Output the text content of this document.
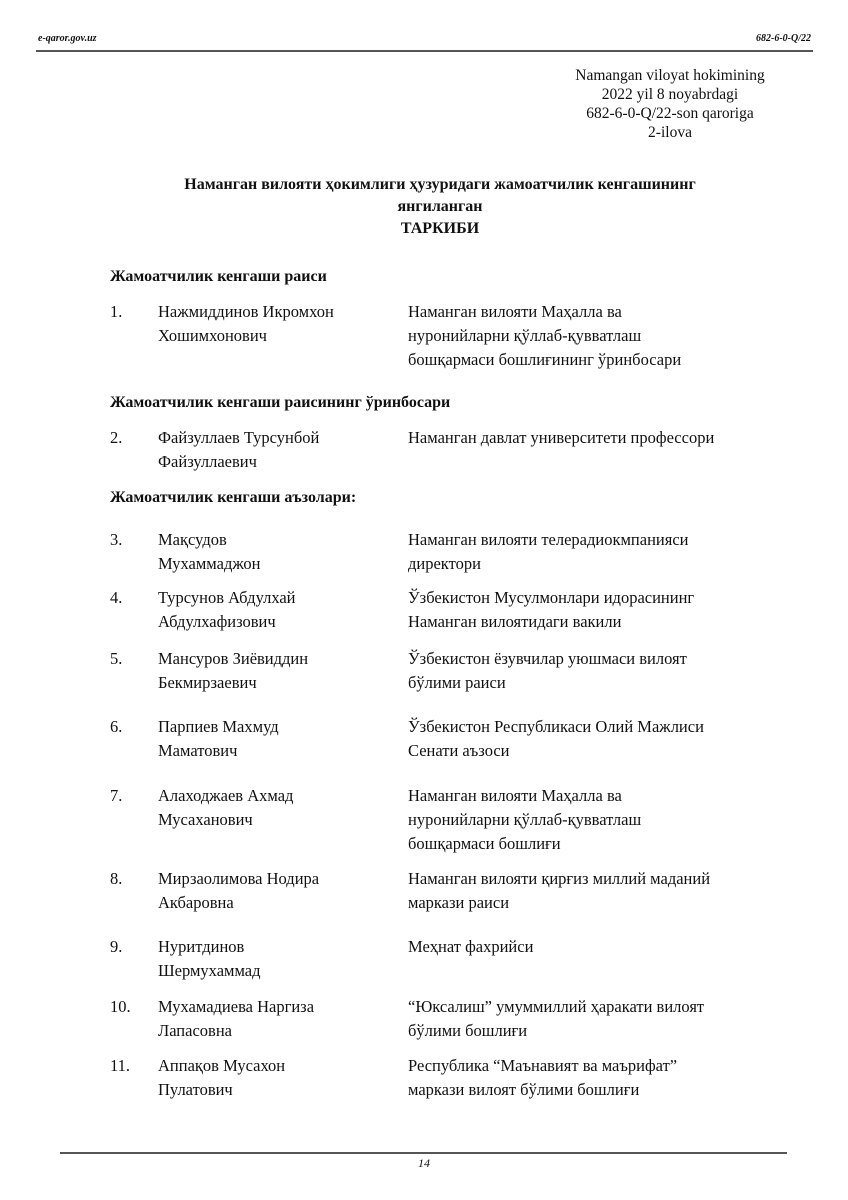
e-qaror.gov.uz	682-6-0-Q/22
Namangan viloyat hokimining
2022 yil 8 noyabrdagi
682-6-0-Q/22-son qaroriga
2-ilova
Наманган вилояти ҳокимлиги ҳузуридаги жамоатчилик кенгашининг
янгиланган
ТАРКИБИ
Жамоатчилик кенгаши раиси
1. Нажмиддинов Икромхон
Хошимхонович
Наманган вилояти Маҳалла ва
нуронийларни қўллаб-қувватлаш
бошқармаси бошлиғининг ўринбосари
Жамоатчилик кенгаши раисининг ўринбосари
2. Файзуллаев Турсунбой
Файзуллаевич
Наманган давлат университети профессори
Жамоатчилик кенгаши аъзолари:
3. Мақсудов
Мухаммаджон
Наманган вилояти телерадиокмпанияси
директори
4. Турсунов Абдулхай
Абдулхафизович
Ўзбекистон Мусулмонлари идорасининг
Наманган вилоятидаги вакили
5. Мансуров Зиёвиддин
Бекмирзаевич
Ўзбекистон ёзувчилар уюшмаси вилоят
бўлими раиси
6. Парпиев Махмуд
Маматович
Ўзбекистон Республикаси Олий Мажлиси
Сенати аъзоси
7. Алаходжаев Ахмад
Мусаханович
Наманган вилояти Маҳалла ва
нуронийларни қўллаб-қувватлаш
бошқармаси бошлиғи
8. Мирзаолимова Нодира
Акбаровна
Наманган вилояти қирғиз миллий маданий
маркази раиси
9. Нуритдинов
Шермухаммад
Меҳнат фахрийси
10. Мухамадиева Наргиза
Лапасовна
“Юксалиш” умуммиллий ҳаракати вилоят
бўлими бошлиғи
11. Аппақов Мусахон
Пулатович
Республика “Маънавият ва маърифат”
маркази вилоят бўлими бошлиғи
14
